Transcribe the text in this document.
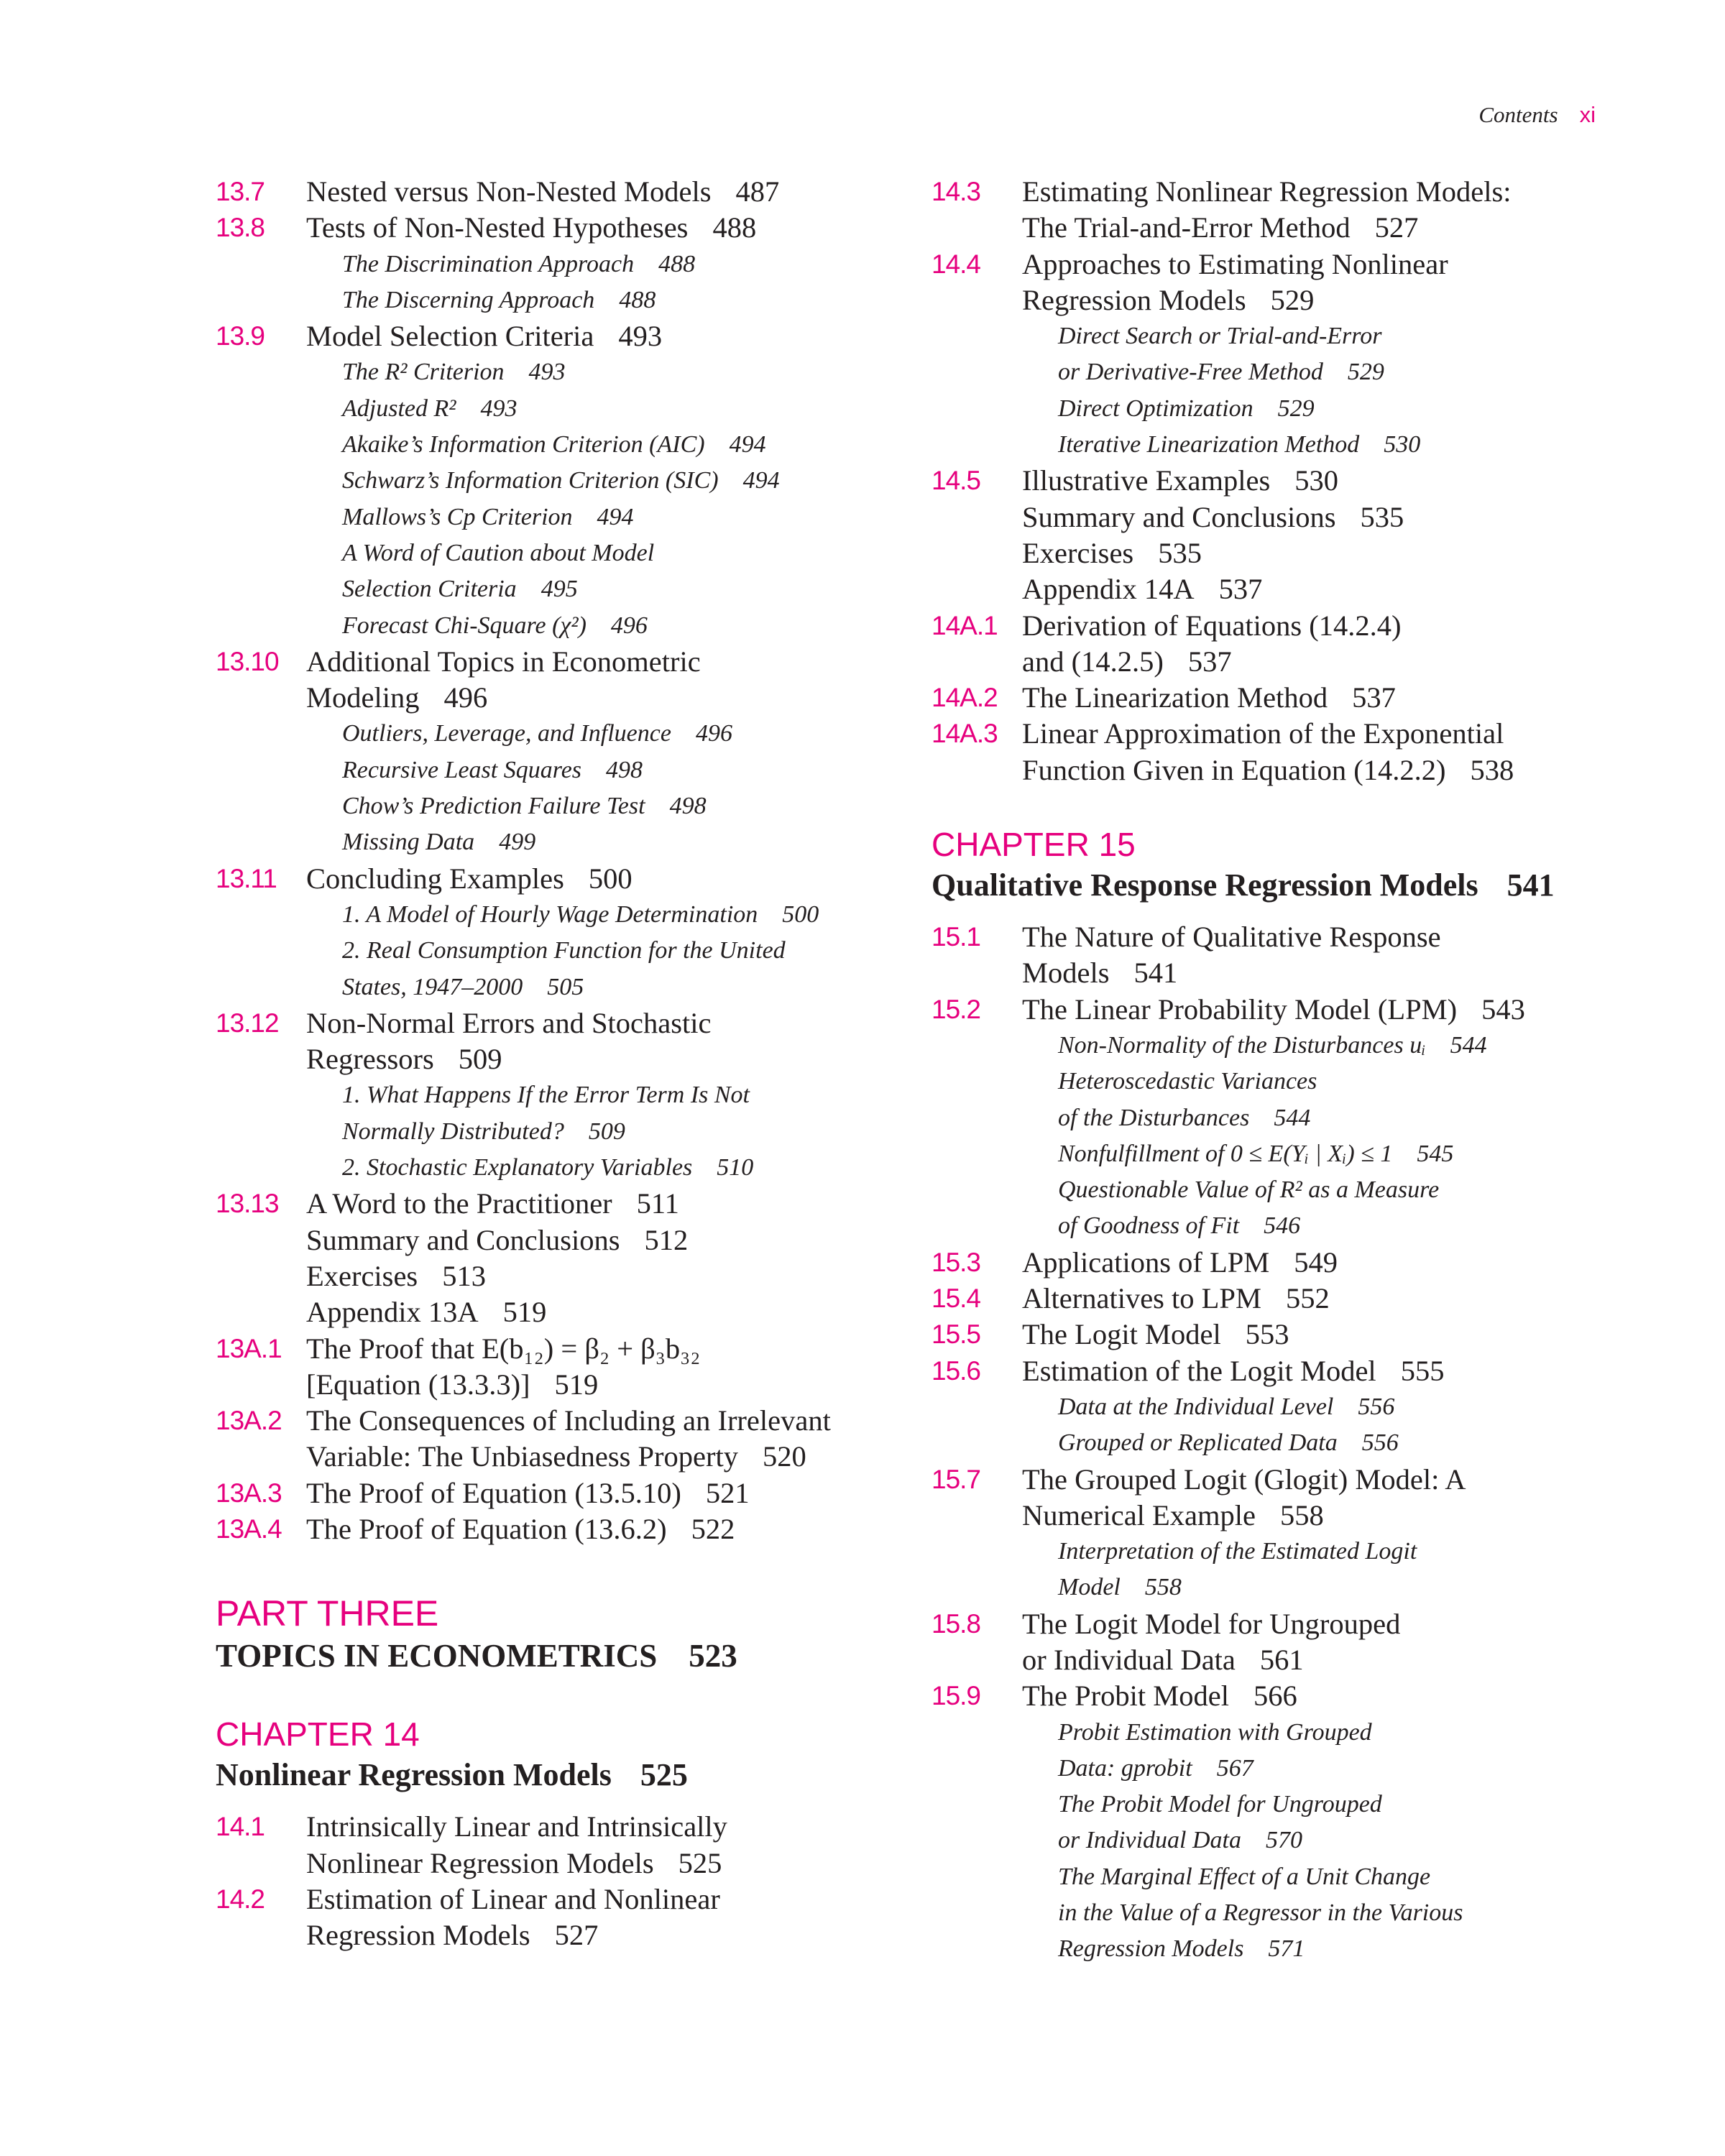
Contents xi
13.7 Nested versus Non-Nested Models 487
13.8 Tests of Non-Nested Hypotheses 488
The Discrimination Approach 488
The Discerning Approach 488
13.9 Model Selection Criteria 493
The R² Criterion 493
Adjusted R² 493
Akaike’s Information Criterion (AIC) 494
Schwarz’s Information Criterion (SIC) 494
Mallows’s Cp Criterion 494
A Word of Caution about Model
Selection Criteria 495
Forecast Chi-Square (χ²) 496
13.10 Additional Topics in Econometric
Modeling 496
Outliers, Leverage, and Influence 496
Recursive Least Squares 498
Chow’s Prediction Failure Test 498
Missing Data 499
13.11 Concluding Examples 500
1. A Model of Hourly Wage Determination 500
2. Real Consumption Function for the United
States, 1947–2000 505
13.12 Non-Normal Errors and Stochastic
Regressors 509
1. What Happens If the Error Term Is Not
Normally Distributed? 509
2. Stochastic Explanatory Variables 510
13.13 A Word to the Practitioner 511
Summary and Conclusions 512
Exercises 513
Appendix 13A 519
13A.1 The Proof that E(b₁₂) = β₂ + β₃b₃₂
[Equation (13.3.3)] 519
13A.2 The Consequences of Including an Irrelevant
Variable: The Unbiasedness Property 520
13A.3 The Proof of Equation (13.5.10) 521
13A.4 The Proof of Equation (13.6.2) 522
PART THREE
TOPICS IN ECONOMETRICS 523
CHAPTER 14
Nonlinear Regression Models 525
14.1 Intrinsically Linear and Intrinsically
Nonlinear Regression Models 525
14.2 Estimation of Linear and Nonlinear
Regression Models 527
14.3 Estimating Nonlinear Regression Models:
The Trial-and-Error Method 527
14.4 Approaches to Estimating Nonlinear
Regression Models 529
Direct Search or Trial-and-Error
or Derivative-Free Method 529
Direct Optimization 529
Iterative Linearization Method 530
14.5 Illustrative Examples 530
Summary and Conclusions 535
Exercises 535
Appendix 14A 537
14A.1 Derivation of Equations (14.2.4)
and (14.2.5) 537
14A.2 The Linearization Method 537
14A.3 Linear Approximation of the Exponential
Function Given in Equation (14.2.2) 538
CHAPTER 15
Qualitative Response Regression Models 541
15.1 The Nature of Qualitative Response
Models 541
15.2 The Linear Probability Model (LPM) 543
Non-Normality of the Disturbances uᵢ 544
Heteroscedastic Variances
of the Disturbances 544
Nonfulfillment of 0 ≤ E(Yᵢ | Xᵢ) ≤ 1 545
Questionable Value of R² as a Measure
of Goodness of Fit 546
15.3 Applications of LPM 549
15.4 Alternatives to LPM 552
15.5 The Logit Model 553
15.6 Estimation of the Logit Model 555
Data at the Individual Level 556
Grouped or Replicated Data 556
15.7 The Grouped Logit (Glogit) Model: A
Numerical Example 558
Interpretation of the Estimated Logit
Model 558
15.8 The Logit Model for Ungrouped
or Individual Data 561
15.9 The Probit Model 566
Probit Estimation with Grouped
Data: gprobit 567
The Probit Model for Ungrouped
or Individual Data 570
The Marginal Effect of a Unit Change
in the Value of a Regressor in the Various
Regression Models 571
